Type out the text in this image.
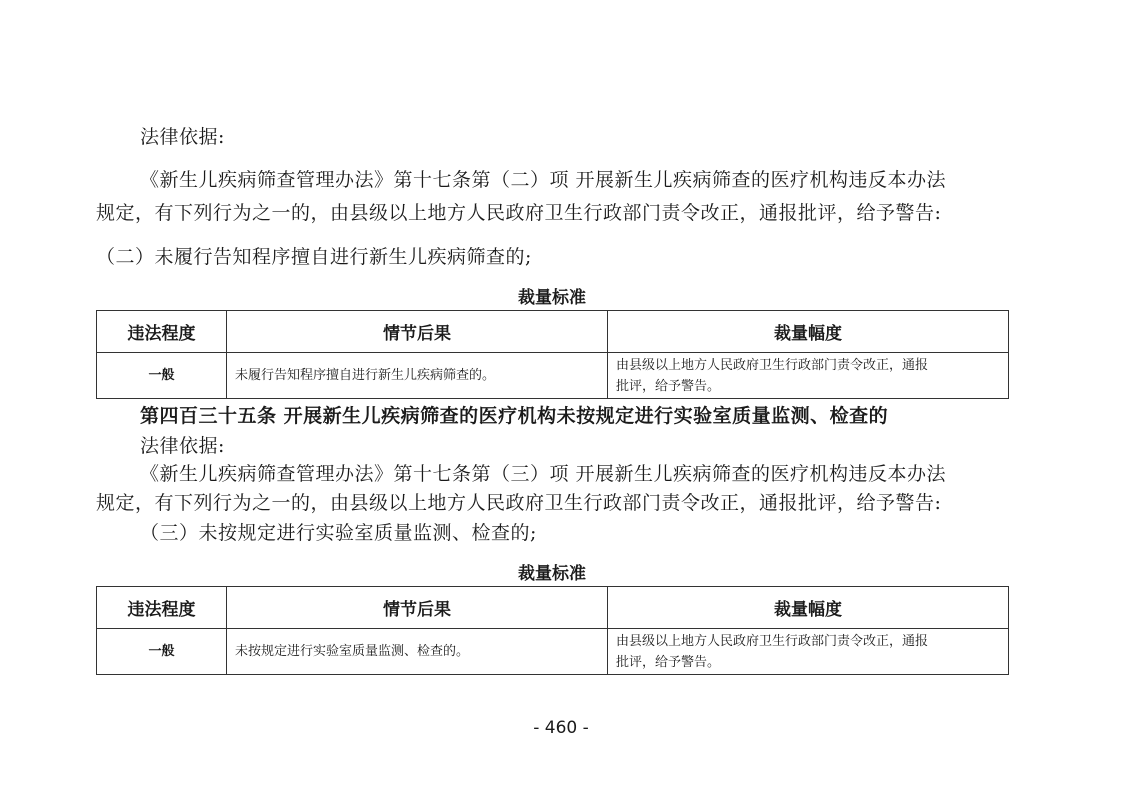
法律依据:
《新生儿疾病筛查管理办法》第十七条第（二）项 开展新生儿疾病筛查的医疗机构违反本办法
规定，有下列行为之一的，由县级以上地方人民政府卫生行政部门责令改正，通报批评，给予警告:
（二）未履行告知程序擅自进行新生儿疾病筛查的;
裁量标准
违法程度	情节后果	裁量幅度
一般	未履行告知程序擅自进行新生儿疾病筛查的。	由县级以上地方人民政府卫生行政部门责令改正，通报
批评，给予警告。
第四百三十五条 开展新生儿疾病筛查的医疗机构未按规定进行实验室质量监测、检查的
法律依据:
《新生儿疾病筛查管理办法》第十七条第（三）项 开展新生儿疾病筛查的医疗机构违反本办法
规定，有下列行为之一的，由县级以上地方人民政府卫生行政部门责令改正，通报批评，给予警告:
（三）未按规定进行实验室质量监测、检查的;
裁量标准
违法程度	情节后果	裁量幅度
一般	未按规定进行实验室质量监测、检查的。	由县级以上地方人民政府卫生行政部门责令改正，通报
批评，给予警告。
- 460 -
